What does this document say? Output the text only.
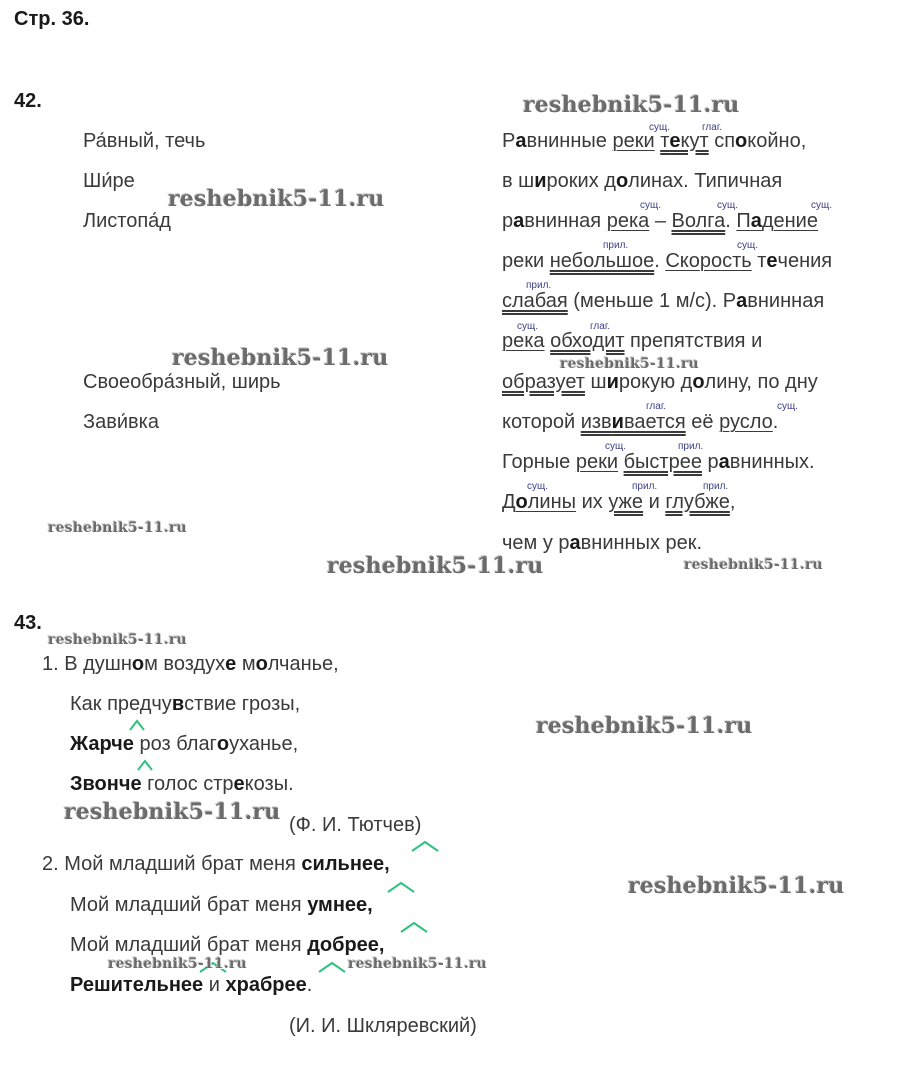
Стр. 36.
42.
Ра́вный, течь
Ши́ре
Листопа́д
Своеобра́зный, ширь
Зави́вка
Равнинные реки текут спокойно,
в широких долинах. Типичная
равнинная река – Волга. Падение
реки небольшое. Скорость течения
слабая (меньше 1 м/с). Равнинная
река обходит препятствия и
образует широкую долину, по дну
которой извивается её русло.
Горные реки быстрее равнинных.
Долины их уже и глубже,
чем у равнинных рек.
сущ.	глаг.
сущ.	сущ.	сущ.
прил.	сущ.
прил.
сущ.	глаг.
глаг.	сущ.
сущ.	прил.
сущ.	прил.	прил.
43.
1. В душном воздухе молчанье,
Как предчувствие грозы,
Жарче роз благоуханье,
Звонче голос стрекозы.
(Ф. И. Тютчев)
2. Мой младший брат меня сильнее,
Мой младший брат меня умнее,
Мой младший брат меня добрее,
Решительнее и храбрее.
(И. И. Шкляревский)
reshebnik5-11.ru
reshebnik5-11.ru
reshebnik5-11.ru	reshebnik5-11.ru
reshebnik5-11.ru
reshebnik5-11.ru	reshebnik5-11.ru
reshebnik5-11.ru
reshebnik5-11.ru
reshebnik5-11.ru
reshebnik5-11.ru
reshebnik5-11.ru	reshebnik5-11.ru
